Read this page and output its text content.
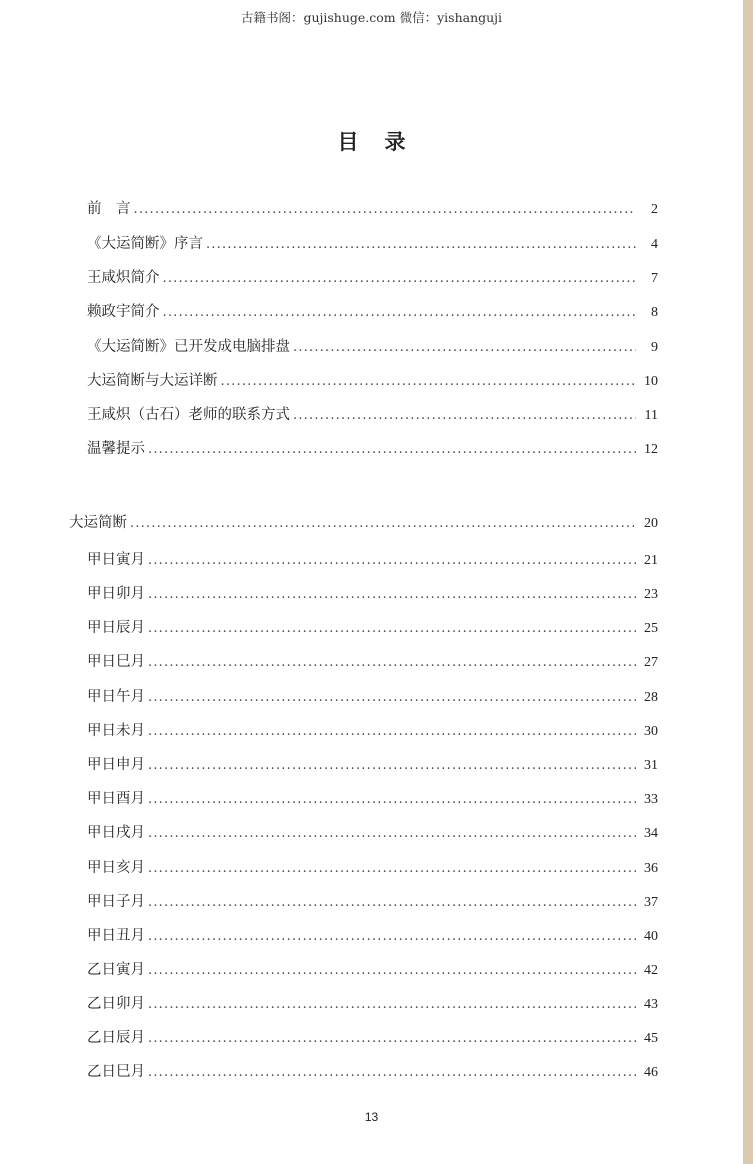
古籍书阁：gujishuge.com 微信：yishanguji
目录
前　言 .....	2
《大运简断》序言 .....	4
王咸炽简介 .....	7
赖政宇简介 .....	8
《大运简断》已开发成电脑排盘 .....	9
大运简断与大运详断 .....	10
王咸炽（古石）老师的联系方式 .....	11
温馨提示 .....	12
大运简断 .....	20
甲日寅月 .....	21
甲日卯月 .....	23
甲日辰月 .....	25
甲日巳月 .....	27
甲日午月 .....	28
甲日未月 .....	30
甲日申月 .....	31
甲日酉月 .....	33
甲日戌月 .....	34
甲日亥月 .....	36
甲日子月 .....	37
甲日丑月 .....	40
乙日寅月 .....	42
乙日卯月 .....	43
乙日辰月 .....	45
乙日巳月 .....	46
13
